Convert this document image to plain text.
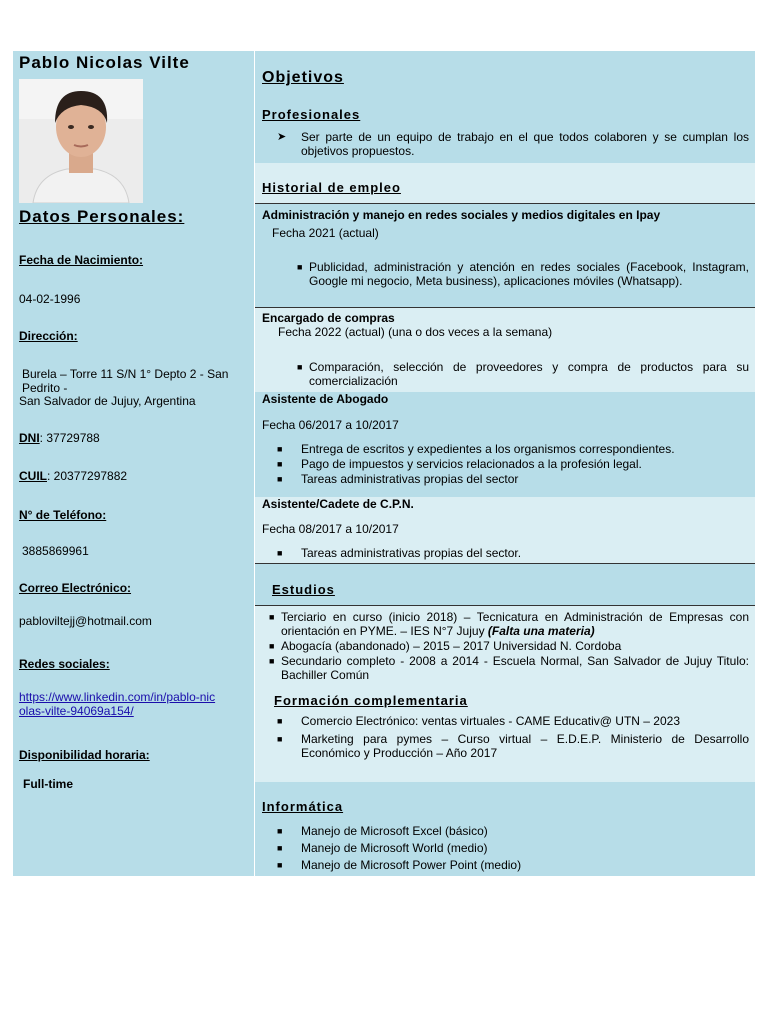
Pablo Nicolas Vilte
Datos Personales:
Fecha de Nacimiento:
04-02-1996
Dirección:
Burela – Torre 11 S/N 1° Depto 2 - San Pedrito -
San Salvador de Jujuy, Argentina
DNI: 37729788
CUIL: 20377297882
N° de Teléfono:
3885869961
Correo Electrónico:
pabloviltejj@hotmail.com
Redes sociales:
https://www.linkedin.com/in/pablo-nicolas-vilte-94069a154/
Disponibilidad horaria:
Full-time
Objetivos
Profesionales
➤ Ser parte de un equipo de trabajo en el que todos colaboren y se cumplan los objetivos propuestos.
Historial de empleo
Administración y manejo en redes sociales y medios digitales en Ipay
Fecha 2021 (actual)
■ Publicidad, administración y atención en redes sociales (Facebook, Instagram, Google mi negocio, Meta business), aplicaciones móviles (Whatsapp).
Encargado de compras
Fecha 2022 (actual) (una o dos veces a la semana)
■ Comparación, selección de proveedores y compra de productos para su comercialización
Asistente de Abogado
Fecha 06/2017 a 10/2017
■ Entrega de escritos y expedientes a los organismos correspondientes.
■ Pago de impuestos y servicios relacionados a la profesión legal.
■ Tareas administrativas propias del sector
Asistente/Cadete de C.P.N.
Fecha 08/2017 a 10/2017
■ Tareas administrativas propias del sector.
Estudios
■ Terciario en curso (inicio 2018) – Tecnicatura en Administración de Empresas con orientación en PYME. – IES N°7 Jujuy (Falta una materia)
■ Abogacía (abandonado) – 2015 – 2017 Universidad N. Cordoba
■ Secundario completo - 2008 a 2014 - Escuela Normal, San Salvador de Jujuy Titulo: Bachiller Común
Formación complementaria
■ Comercio Electrónico: ventas virtuales - CAME Educativ@ UTN – 2023
■ Marketing para pymes – Curso virtual – E.D.E.P. Ministerio de Desarrollo Económico y Producción – Año 2017
Informática
■ Manejo de Microsoft Excel (básico)
■ Manejo de Microsoft World (medio)
■ Manejo de Microsoft Power Point (medio)
